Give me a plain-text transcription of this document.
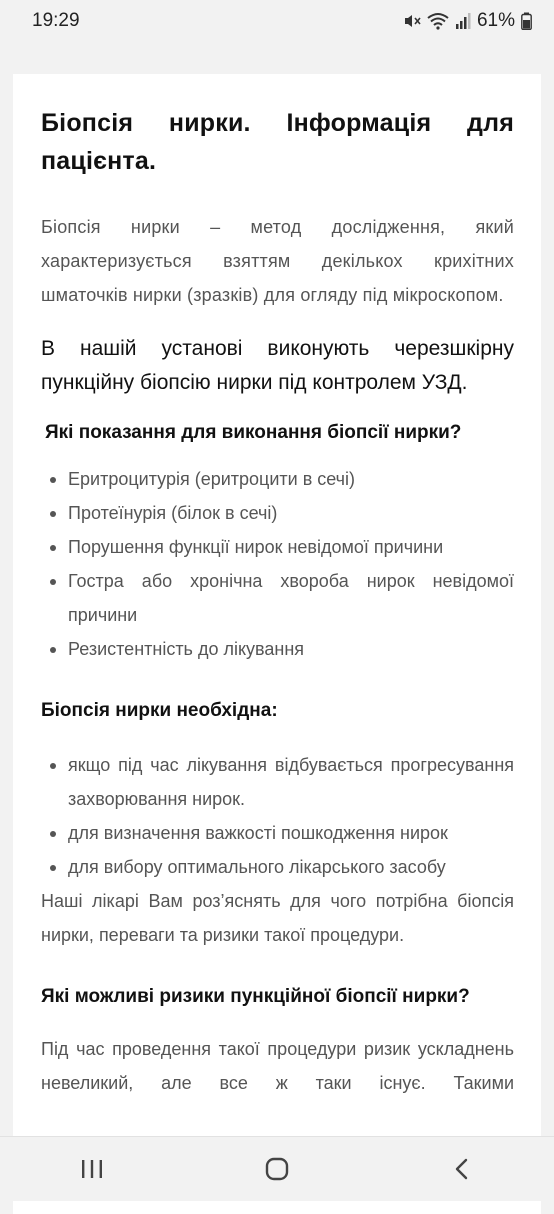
19:29	61%
Біопсія нирки. Інформація для пацієнта.

Біопсія нирки – метод дослідження, який характеризується взяттям декількох крихітних шматочків нирки (зразків) для огляду під мікроскопом.

В нашій установі виконують черезшкірну пункційну біопсію нирки під контролем УЗД.

Які показання для виконання біопсії нирки?
Еритроцитурія (еритроцити в сечі)
Протеїнурія (білок в сечі)
Порушення функції нирок невідомої причини
Гостра або хронічна хвороба нирок невідомої причини
Резистентність до лікування
Біопсія нирки необхідна:
якщо під час лікування відбувається прогресування захворювання нирок.
для визначення важкості пошкодження нирок
для вибору оптимального лікарського засобу

Наші лікарі Вам роз’яснять для чого потрібна біопсія нирки, переваги та ризики такої процедури.

Які можливі ризики пункційної біопсії нирки?

Під час проведення такої процедури ризик ускладнень невеликий, але все ж таки існує. Такими
